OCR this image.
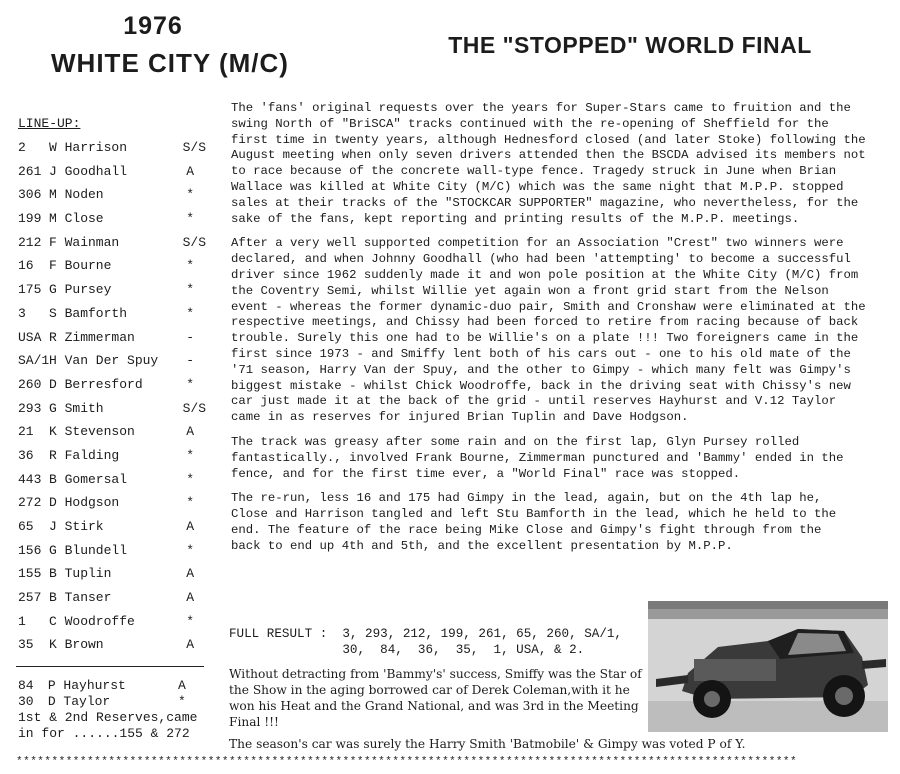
1976
WHITE CITY (M/C)
THE "STOPPED" WORLD FINAL
LINE-UP:
2 W Harrison	S/S
261 J Goodhall	A
306 M Noden	*
199 M Close	*
212 F Wainman	S/S
16 F Bourne	*
175 G Pursey	*
3 S Bamforth	*
USA R Zimmerman	-
SA/1H Van Der Spuy -
260 D Berresford	*
293 G Smith	S/S
21 K Stevenson	A
36 R Falding	*
443 B Gomersal	*
272 D Hodgson	*
65 J Stirk	A
156 G Blundell	*
155 B Tuplin	A
257 B Tanser	A
1 C Woodroffe	*
35 K Brown	A
84 P Hayhurst	A
30 D Taylor	*
1st & 2nd Reserves,came
in for ......155 & 272

The 'fans' original requests over the years for Super-Stars came to fruition and the swing North of "BriSCA" tracks continued with the re-opening of Sheffield for the first time in twenty years, although Hednesford closed (and later Stoke) following the August meeting when only seven drivers attended then the BSCDA advised its members not to race because of the concrete wall-type fence. Tragedy struck in June when Brian Wallace was killed at White City (M/C) which was the same night that M.P.P. stopped sales at their tracks of the "STOCKCAR SUPPORTER" magazine, who nevertheless, for the sake of the fans, kept reporting and printing results of the M.P.P. meetings.

After a very well supported competition for an Association "Crest" two winners were declared, and when Johnny Goodhall (who had been 'attempting' to become a successful driver since 1962 suddenly made it and won pole position at the White City (M/C) from the Coventry Semi, whilst Willie yet again won a front grid start from the Nelson event - whereas the former dynamic-duo pair, Smith and Cronshaw were eliminated at the respective meetings, and Chissy had been forced to retire from racing because of back trouble. Surely this one had to be Willie's on a plate !!! Two foreigners came in the first since 1973 - and Smiffy lent both of his cars out - one to his old mate of the '71 season, Harry Van der Spuy, and the other to Gimpy - which many felt was Gimpy's biggest mistake - whilst Chick Woodroffe, back in the driving seat with Chissy's new car just made it at the back of the grid - until reserves Hayhurst and V.12 Taylor came in as reserves for injured Brian Tuplin and Dave Hodgson.

The track was greasy after some rain and on the first lap, Glyn Pursey rolled fantastically., involved Frank Bourne, Zimmerman punctured and 'Bammy' ended in the fence, and for the first time ever, a "World Final" race was stopped.

The re-run, less 16 and 175 had Gimpy in the lead, again, but on the 4th lap he, Close and Harrison tangled and left Stu Bamforth in the lead, which he held to the end. The feature of the race being Mike Close and Gimpy's fight through from the back to end up 4th and 5th, and the excellent presentation by M.P.P.

FULL RESULT :  3, 293, 212, 199, 261, 65, 260, SA/1,
30,  84,  36,  35,  1, USA, & 2.
Without detracting from 'Bammy's' success, Smiffy was the Star of the Show in the aging borrowed car of Derek Coleman,with it he won his Heat and the Grand National, and was 3rd in the Meeting Final !!!
The season's car was surely the Harry Smith 'Batmobile' & Gimpy was voted P of Y.
**************************************************************************************************************
